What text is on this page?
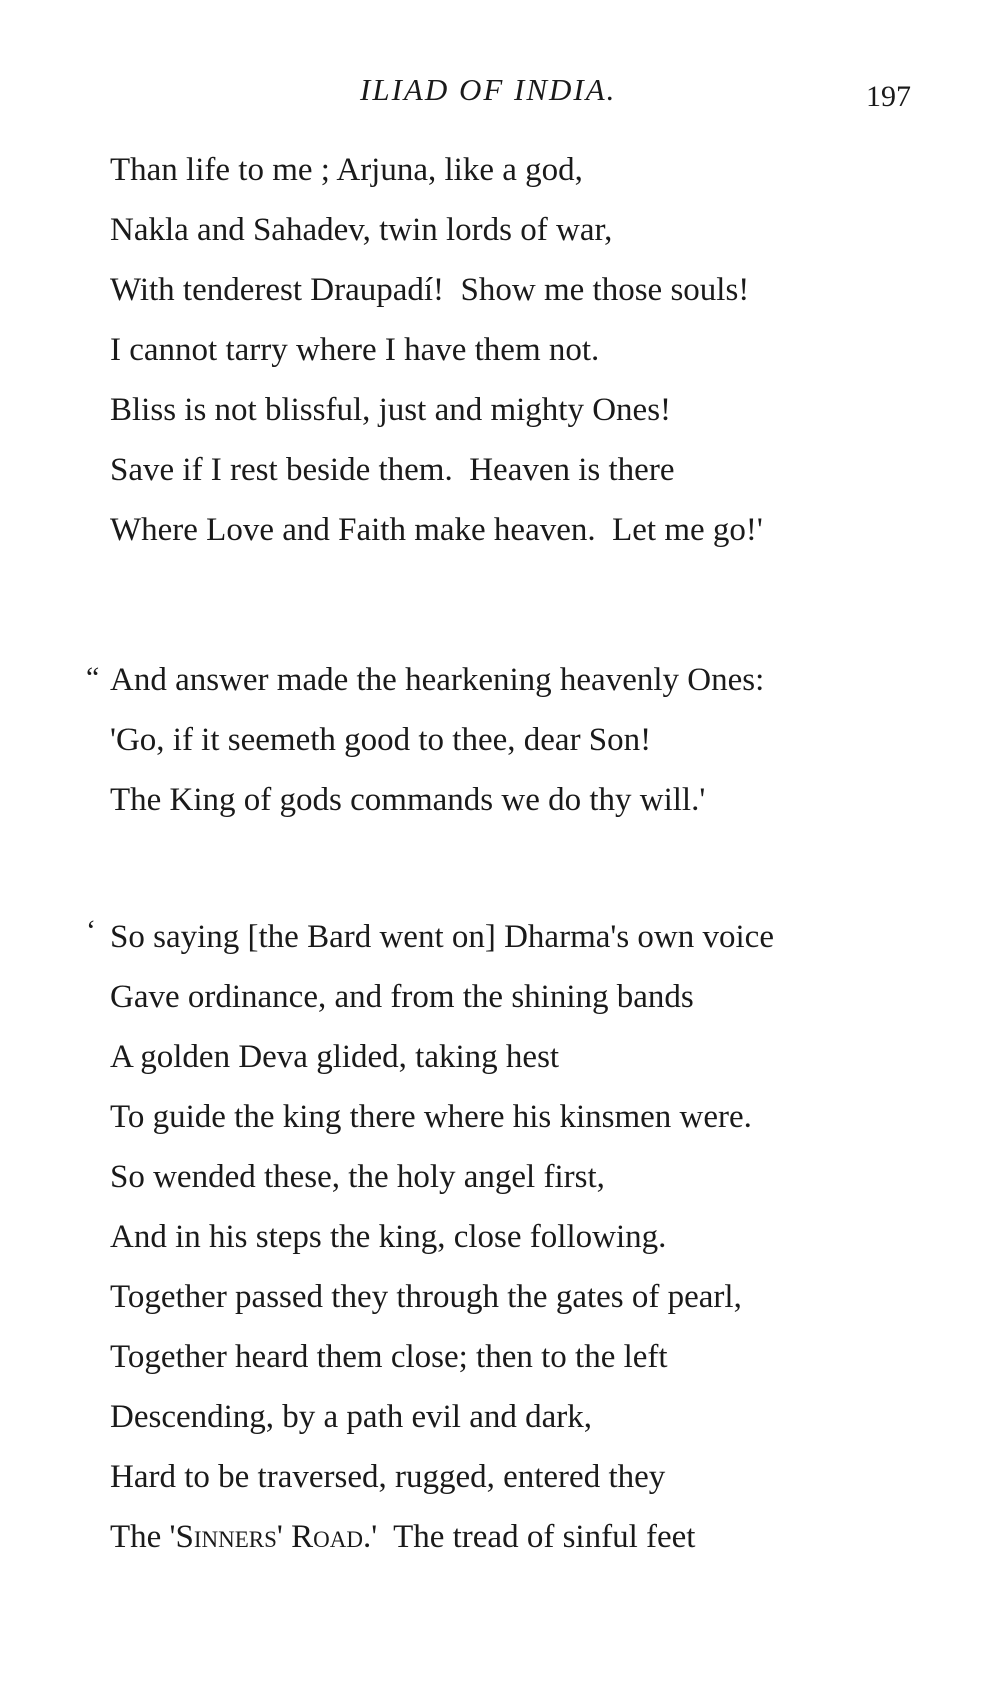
ILIAD OF INDIA.	197
Than life to me ; Arjuna, like a god,
Nakla and Sahadev, twin lords of war,
With tenderest Draupadí!  Show me those souls!
I cannot tarry where I have them not.
Bliss is not blissful, just and mighty Ones!
Save if I rest beside them.  Heaven is there
Where Love and Faith make heaven.  Let me go!'
“ And answer made the hearkening heavenly Ones:
'Go, if it seemeth good to thee, dear Son!
The King of gods commands we do thy will.'
‘ So saying [the Bard went on] Dharma's own voice
Gave ordinance, and from the shining bands
A golden Deva glided, taking hest
To guide the king there where his kinsmen were.
So wended these, the holy angel first,
And in his steps the king, close following.
Together passed they through the gates of pearl,
Together heard them close; then to the left
Descending, by a path evil and dark,
Hard to be traversed, rugged, entered they
The 'Sinners' Road.'  The tread of sinful feet
